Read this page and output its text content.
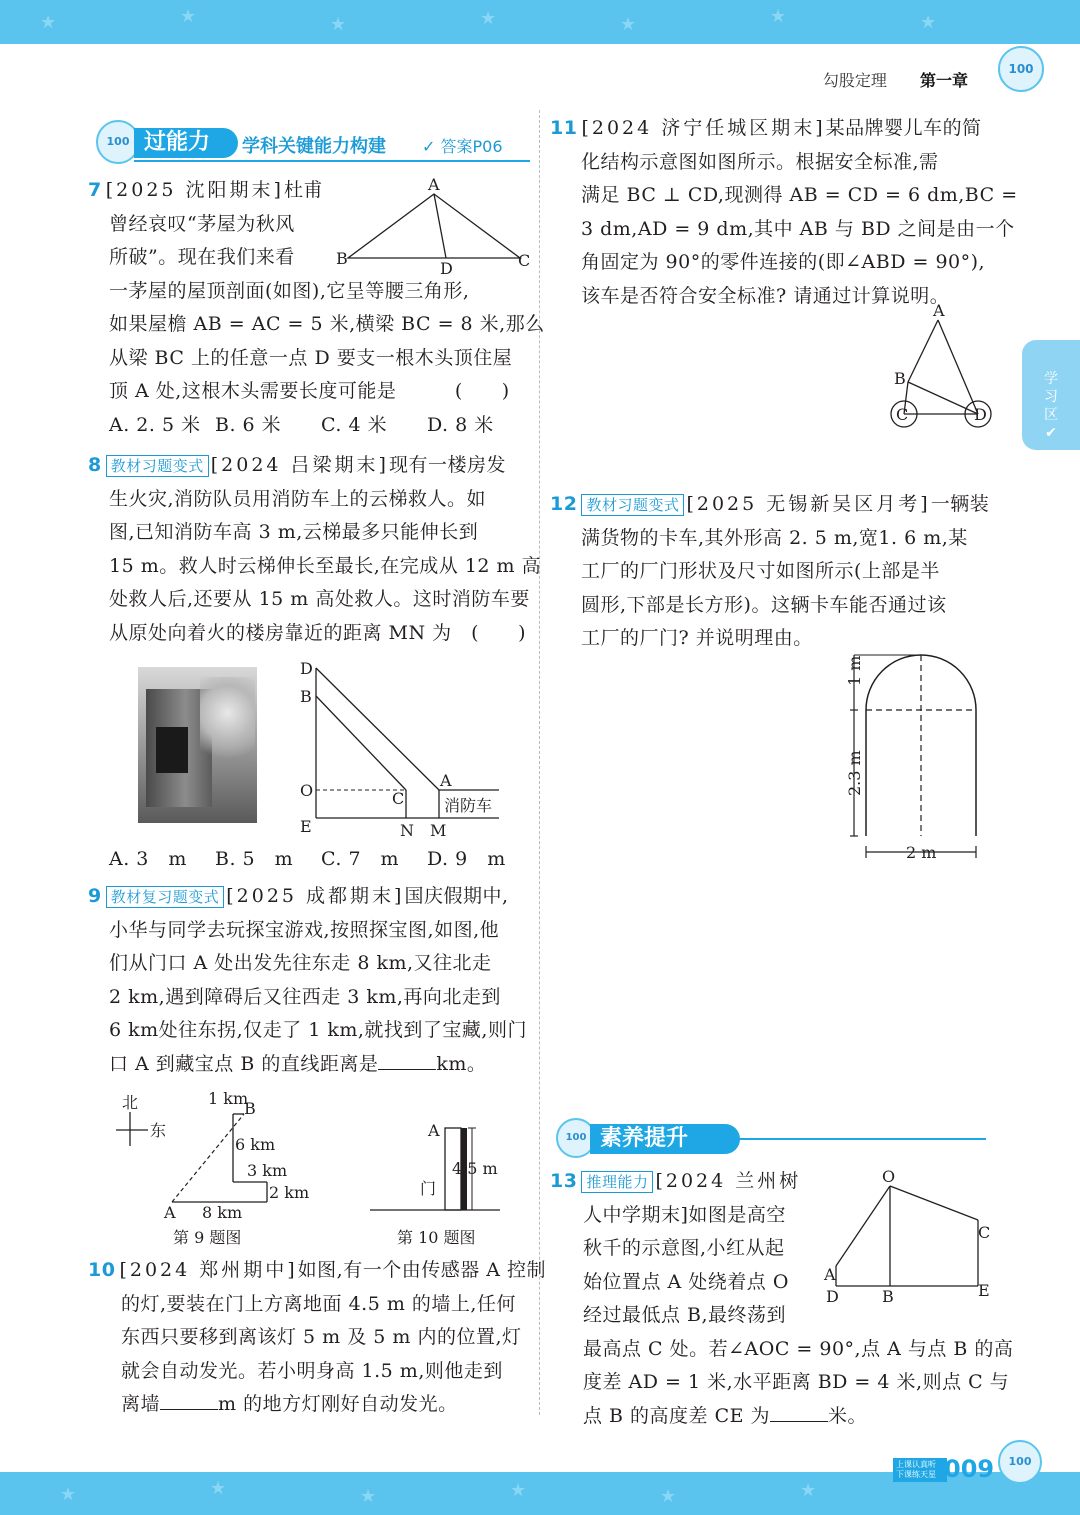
★	★	★	★	★	★	★
★	★	★	★	★	★
勾股定理 第一章
100
学
习
区
✔
100 过能力	学科关键能力构建 ✓ 答案P06

7 [2025 沈阳期末]杜甫

曾经哀叹“茅屋为秋风

所破”。现在我们来看

一茅屋的屋顶剖面(如图),它呈等腰三角形,

如果屋檐 AB = AC = 5 米,横梁 BC = 8 米,那么

从梁 BC 上的任意一点 D 要支一根木头顶住屋

顶 A 处,这根木头需要长度可能是　　　(　　)

A. 2. 5 米 B. 6 米 C. 4 米 D. 8 米

A
B
D	C

8 教材习题变式 [2024 吕梁期末]现有一楼房发

生火灾,消防队员用消防车上的云梯救人。如

图,已知消防车高 3 m,云梯最多只能伸长到

15 m。救人时云梯伸长至最长,在完成从 12 m 高

处救人后,还要从 15 m 高处救人。这时消防车要

从原处向着火的楼房靠近的距离 MN 为　(　　)

D
B
O
E
C
A
N M
消防车

A. 3　m B. 5　m C. 7　m D. 9　m

9 教材复习题变式 [2025 成都期末]国庆假期中,

小华与同学去玩探宝游戏,按照探宝图,如图,他

们从门口 A 处出发先往东走 8 km,又往北走

2 km,遇到障碍后又往西走 3 km,再向北走到

6 km处往东拐,仅走了 1 km,就找到了宝藏,则门

口 A 到藏宝点 B 的直线距离是	km。

北
东
1 km
B
6 km
3 km
2 km
A 8 km
第 9 题图
A
4.5 m
门
第 10 题图

10 [2024 郑州期中]如图,有一个由传感器 A 控制

的灯,要装在门上方离地面 4.5 m 的墙上,任何

东西只要移到离该灯 5 m 及 5 m 内的位置,灯

就会自动发光。若小明身高 1.5 m,则他走到

离墙	m 的地方灯刚好自动发光。

11 [2024 济宁任城区期末]某品牌婴儿车的简

化结构示意图如图所示。根据安全标准,需

满足 BC ⊥ CD,现测得 AB = CD = 6 dm,BC =

3 dm,AD = 9 dm,其中 AB 与 BD 之间是由一个

角固定为 90°的零件连接的(即∠ABD = 90°),

该车是否符合安全标准? 请通过计算说明。

A
B
C	D

12 教材习题变式 [2025 无锡新吴区月考]一辆装

满货物的卡车,其外形高 2. 5 m,宽1. 6 m,某

工厂的厂门形状及尺寸如图所示(上部是半

圆形,下部是长方形)。这辆卡车能否通过该

工厂的厂门? 并说明理由。

1 m
2.3 m
2 m
100 素养提升

13 推理能力 [2024 兰州树

人中学期末]如图是高空

秋千的示意图,小红从起

始位置点 A 处绕着点 O

经过最低点 B,最终荡到

最高点 C 处。若∠AOC = 90°,点 A 与点 B 的高

度差 AD = 1 米,水平距离 BD = 4 米,则点 C 与

点 B 的高度差 CE 为	米。

O
A
D	B
C
E
上课认真听 下课练天星 009	100
